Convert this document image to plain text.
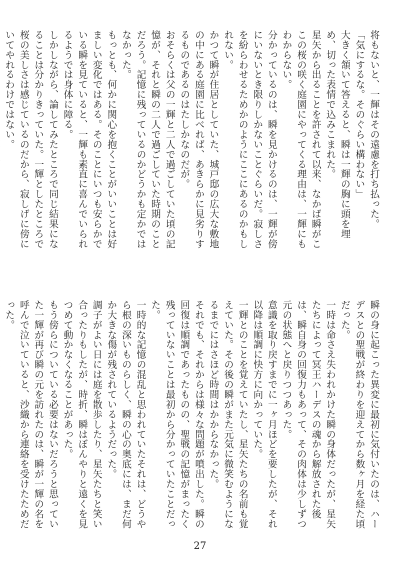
将もないと、一輝はその遠慮を打ち払った。

「気にするな。そのぐらい構わない」

大きく頷いて答えると、瞬は一輝の胸に頭を埋め、切った表情で込みこまれた。

星矢から出ることを許されて以来、なかば瞬がここの桜の咲く庭園にやってくる理由は、一輝にもわからない。

分かっているのは、瞬を見かけるのは、一輝が傍にいないとき限りしかないことぐらいだ。寂しさを紛らわせるためかのようにここにあるのかもしれない。

かつて瞬が住居としていた、城戸邸の広大な敷地の中にある庭園に比べれば、あきらかに見劣りするものであるのはたしかなのだが。

おそらくは父の一輝と二人で過ごしていた頃の記憶が、それと瞬の二人で過ごしていた時期のことだろう。記憶に残っているのかどうかも定かではなかった。

もっとも、何かに関心を抱くことがいいことは好ましい変化ではある。そのことにいつも安らかでいる瞬を見ていると、一輝も素直に喜んでいられるようでは身体に障る。

しかしながら、論してみたところで同じ結果になることは分かりきっていた。一輝としたところで桜の美しさは感じているのだから、寂しげに傍にいてやれるわけではない。

瞬の身に起こった異変に最初に気付いたのは、ハーデスとの聖戦が終わりを迎えてから数ヶ月を経た頃だった。

一時は命さえ失われかけた瞬の身体だったが、星矢たちによって冥王ハーデスの魂から解放された後は、瞬自身の回復力もあって、その肉体は少しずつ元の状態へと戻りつつあった。

意識を取り戻すまでに一ヶ月ほどを要したが、それ以降は順調に快方に向かっていた。

一輝とのことを覚えていたし、星矢たちの名前も覚えていた。その後の瞬がまた元気に微笑むようになるまでにはさほど時間はかからなかった。

それでも、それからは様々な問題が噴出した。瞬の回復は順調であったものの、聖戦の記憶がまったく残っていないことは最初から分かっていたことだった。

一時的な記憶の混乱と思われていたそれは、どうやら根の深いものらしく、瞬の心の奥底には、まだ何か大きな傷が残されているようだった。

調子がよい日には庭を散歩したり、星矢たちと笑い合ったりもしたが、時折、瞬はぼんやりと遠くを見つめて動かなくなることがあった。

もう傍らについている必要はないだろうと思っていた一輝が再び瞬の元を訪れたのは、瞬が一輝の名を呼んで泣いていると、沙織から連絡を受けたためだった。

27
